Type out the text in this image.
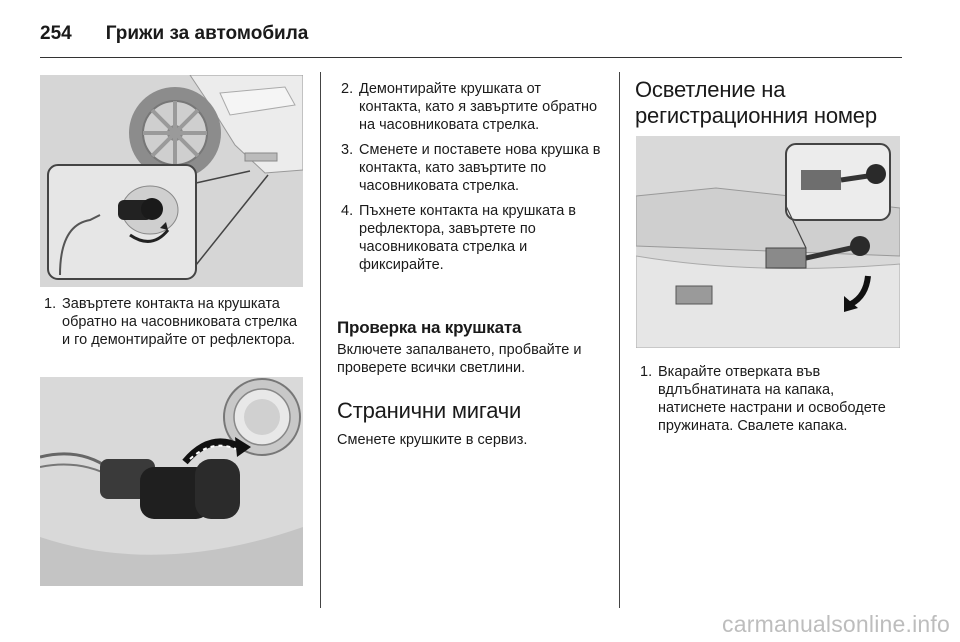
254 Грижи за автомобила
1. Завъртете контакта на крушката обратно на часовниковата стрелка и го демонтирайте от рефлектора.
2. Демонтирайте крушката от контакта, като я завъртите обратно на часовниковата стрелка.
3. Сменете и поставете нова крушка в контакта, като завъртите по часовниковата стрелка.
4. Пъхнете контакта на крушката в рефлектора, завъртете по часовниковата стрелка и фиксирайте.
Проверка на крушката

Включете запалването, пробвайте и проверете всички светлини.

Странични мигачи

Сменете крушките в сервиз.

Осветление на регистрационния номер
1. Вкарайте отверката във вдлъбнатината на капака, натиснете настрани и освободете пружината. Свалете капака.
carmanualsonline.info
